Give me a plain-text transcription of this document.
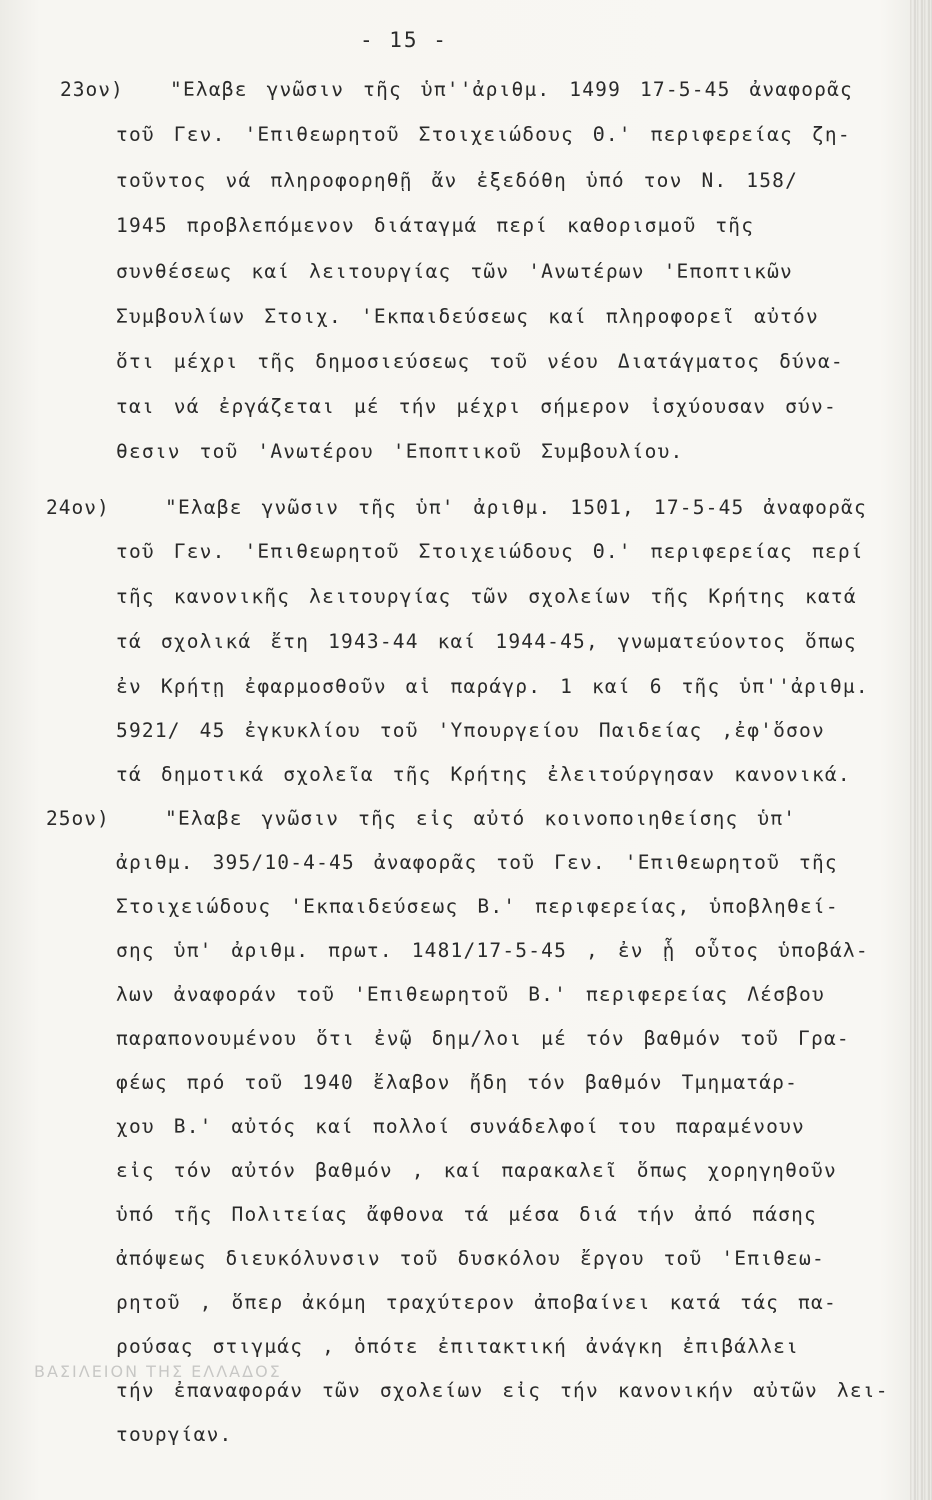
- 15 -
23ον) "Ελαβε γνῶσιν τῆς ὑπ''ἀριθμ. 1499 17-5-45 ἀναφορᾶς
τοῦ Γεν. 'Επιθεωρητοῦ Στοιχειώδους Θ.' περιφερείας ζη-
τοῦντος νά πληροφορηθῇ ἄν ἐξεδόθη ὑπό τον N. 158/
1945 προβλεπόμενον διάταγμά περί καθορισμοῦ τῆς
συνθέσεως καί λειτουργίας τῶν 'Ανωτέρων 'Εποπτικῶν
Συμβουλίων Στοιχ. 'Εκπαιδεύσεως καί πληροφορεῖ αὐτόν
ὅτι μέχρι τῆς δημοσιεύσεως τοῦ νέου Διατάγματος δύνα-
ται νά ἐργάζεται μέ τήν μέχρι σήμερον ἰσχύουσαν σύν-
θεσιν τοῦ 'Ανωτέρου 'Εποπτικοῦ Συμβουλίου.
24ον)	"Ελαβε γνῶσιν τῆς ὑπ' ἀριθμ. 1501, 17-5-45 ἀναφορᾶς
τοῦ Γεν. 'Επιθεωρητοῦ Στοιχειώδους Θ.' περιφερείας περί
τῆς κανονικῆς λειτουργίας τῶν σχολείων τῆς Κρήτης κατά
τά σχολικά ἔτη 1943-44 καί 1944-45, γνωματεύοντος ὅπως
ἐν Κρήτῃ ἐφαρμοσθοῦν αἱ παράγρ. 1 καί 6 τῆς ὑπ''ἀριθμ.
5921/ 45 ἐγκυκλίου τοῦ 'Υπουργείου Παιδείας ,ἐφ'ὅσον
τά δημοτικά σχολεῖα τῆς Κρήτης ἐλειτούργησαν κανονικά.
25ον)	"Ελαβε γνῶσιν τῆς εἰς αὐτό κοινοποιηθείσης ὑπ'
ἀριθμ. 395/10-4-45 ἀναφορᾶς τοῦ Γεν. 'Επιθεωρητοῦ τῆς
Στοιχειώδους 'Εκπαιδεύσεως Β.' περιφερείας, ὑποβληθεί-
σης ὑπ' ἀριθμ. πρωτ. 1481/17-5-45 , ἐν ᾗ οὗτος ὑποβάλ-
λων ἀναφοράν τοῦ 'Επιθεωρητοῦ Β.' περιφερείας Λέσβου
παραπονουμένου ὅτι ἐνῷ δημ/λοι μέ τόν βαθμόν τοῦ Γρα-
φέως πρό τοῦ 1940 ἔλαβον ἤδη τόν βαθμόν Τμηματάρ-
χου Β.' αὐτός καί πολλοί συνάδελφοί του παραμένουν
εἰς τόν αὐτόν βαθμόν , καί παρακαλεῖ ὅπως χορηγηθοῦν
ὑπό τῆς Πολιτείας ἄφθονα τά μέσα διά τήν ἀπό πάσης
ἀπόψεως διευκόλυνσιν τοῦ δυσκόλου ἔργου τοῦ 'Επιθεω-
ρητοῦ , ὅπερ ἀκόμη τραχύτερον ἀποβαίνει κατά τάς πα-
ρούσας στιγμάς , ὁπότε ἐπιτακτική ἀνάγκη ἐπιβάλλει
τήν ἐπαναφοράν τῶν σχολείων εἰς τήν κανονικήν αὐτῶν λει-
τουργίαν.
ΒΑΣΙΛΕΙΟΝ ΤΗΣ ΕΛΛΑΔΟΣ
